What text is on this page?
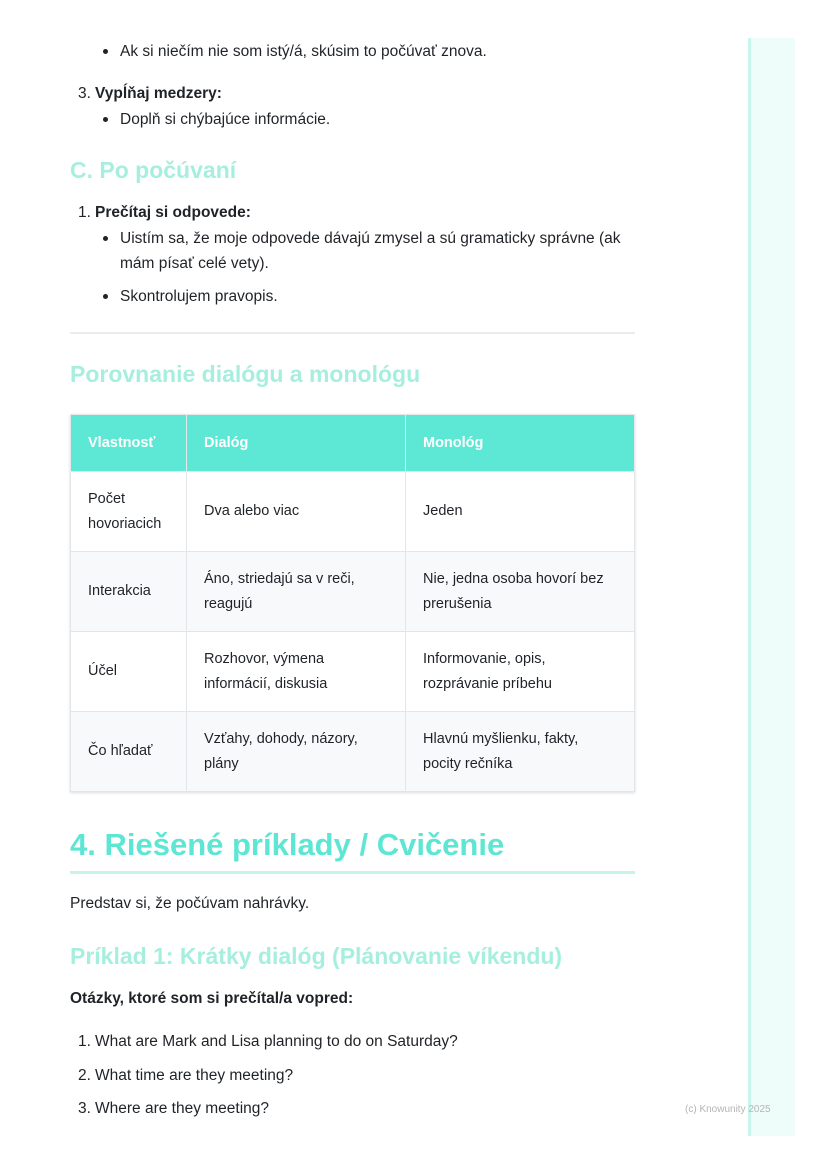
(c) Knowunity 2025
Ak si niečím nie som istý/á, skúsim to počúvať znova.
3. Vypĺňaj medzery:
Doplň si chýbajúce informácie.
C. Po počúvaní
1. Prečítaj si odpovede:
Uistím sa, že moje odpovede dávajú zmysel a sú gramaticky správne (ak mám písať celé vety).
Skontrolujem pravopis.
Porovnanie dialógu a monológu
Vlastnosť	Dialóg	Monológ
Počet hovoriacich	Dva alebo viac	Jeden
Interakcia	Áno, striedajú sa v reči, reagujú	Nie, jedna osoba hovorí bez prerušenia
Účel	Rozhovor, výmena informácií, diskusia	Informovanie, opis, rozprávanie príbehu
Čo hľadať	Vzťahy, dohody, názory, plány	Hlavnú myšlienku, fakty, pocity rečníka
4. Riešené príklady / Cvičenie
Predstav si, že počúvam nahrávky.
Príklad 1: Krátky dialóg (Plánovanie víkendu)
Otázky, ktoré som si prečítal/a vopred:
1. What are Mark and Lisa planning to do on Saturday?
2. What time are they meeting?
3. Where are they meeting?
